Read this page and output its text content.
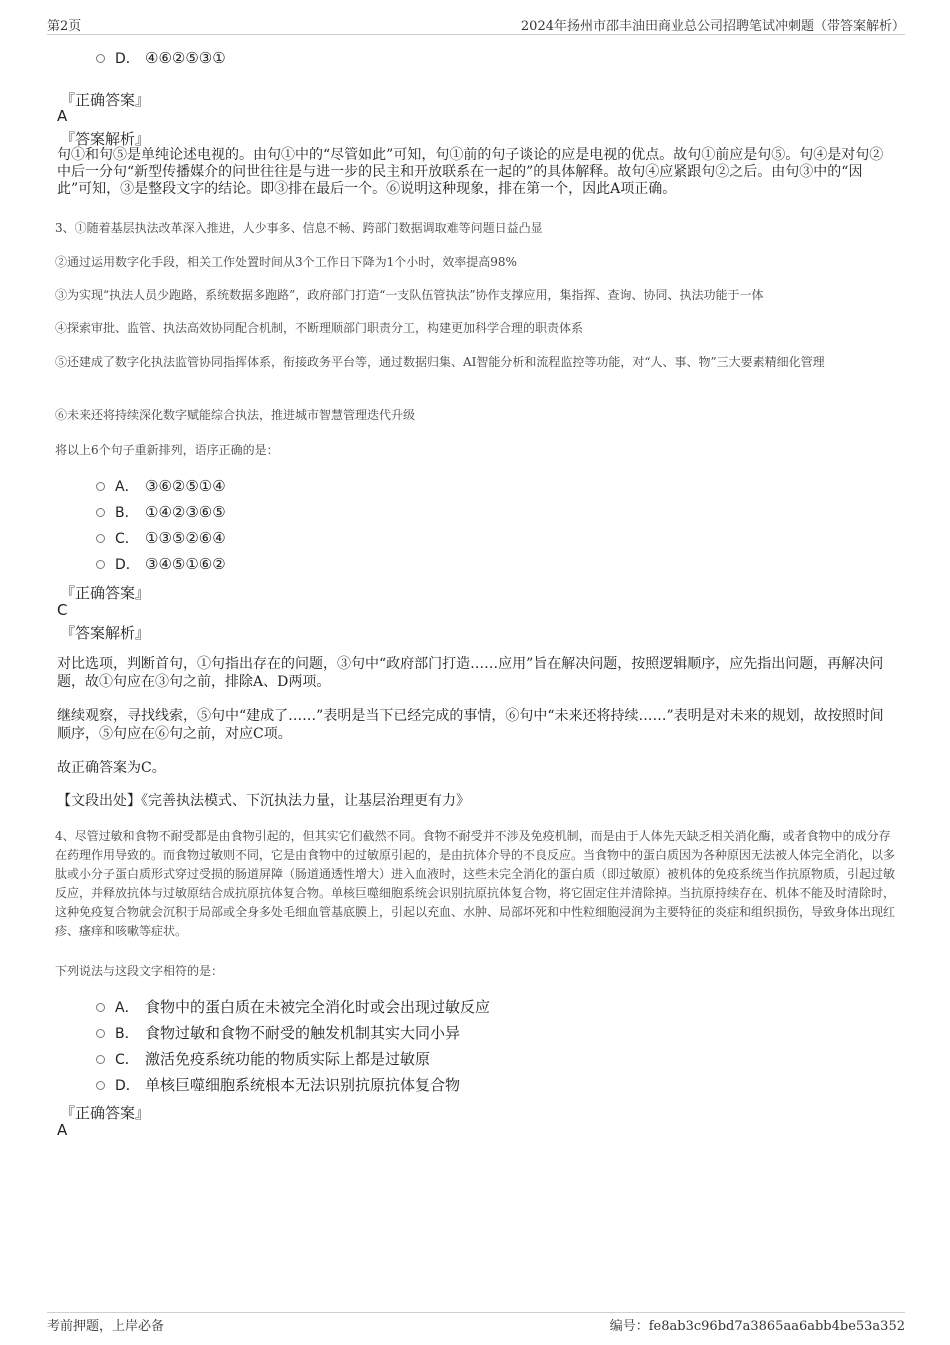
第2页	2024年扬州市邵丰油田商业总公司招聘笔试冲刺题（带答案解析）
D． ④⑥②⑤③①
『正确答案』
A
『答案解析』
句①和句⑤是单纯论述电视的。由句①中的“尽管如此”可知，句①前的句子谈论的应是电视的优点。故句①前应是句⑤。句④是对句②中后一分句“新型传播媒介的问世往往是与进一步的民主和开放联系在一起的”的具体解释。故句④应紧跟句②之后。由句③中的“因此”可知，③是整段文字的结论。即③排在最后一个。⑥说明这种现象，排在第一个，因此A项正确。
3、①随着基层执法改革深入推进，人少事多、信息不畅、跨部门数据调取难等问题日益凸显
②通过运用数字化手段，相关工作处置时间从3个工作日下降为1个小时，效率提高98%
③为实现“执法人员少跑路，系统数据多跑路”，政府部门打造“一支队伍管执法”协作支撑应用，集指挥、查询、协同、执法功能于一体
④探索审批、监管、执法高效协同配合机制，不断理顺部门职责分工，构建更加科学合理的职责体系
⑤还建成了数字化执法监管协同指挥体系，衔接政务平台等，通过数据归集、AI智能分析和流程监控等功能，对“人、事、物”三大要素精细化管理
⑥未来还将持续深化数字赋能综合执法，推进城市智慧管理迭代升级
将以上6个句子重新排列，语序正确的是：
A． ③⑥②⑤①④
B． ①④②③⑥⑤
C． ①③⑤②⑥④
D． ③④⑤①⑥②
『正确答案』
C
『答案解析』
对比选项，判断首句，①句指出存在的问题，③句中“政府部门打造……应用”旨在解决问题，按照逻辑顺序，应先指出问题，再解决问题，故①句应在③句之前，排除A、D两项。
继续观察，寻找线索，⑤句中“建成了……”表明是当下已经完成的事情，⑥句中“未来还将持续……”表明是对未来的规划，故按照时间顺序，⑤句应在⑥句之前，对应C项。
故正确答案为C。
【文段出处】《完善执法模式、下沉执法力量，让基层治理更有力》
4、尽管过敏和食物不耐受都是由食物引起的，但其实它们截然不同。食物不耐受并不涉及免疫机制，而是由于人体先天缺乏相关消化酶，或者食物中的成分存在药理作用导致的。而食物过敏则不同，它是由食物中的过敏原引起的，是由抗体介导的不良反应。当食物中的蛋白质因为各种原因无法被人体完全消化，以多肽或小分子蛋白质形式穿过受损的肠道屏障（肠道通透性增大）进入血液时，这些未完全消化的蛋白质（即过敏原）被机体的免疫系统当作抗原物质，引起过敏反应，并释放抗体与过敏原结合成抗原抗体复合物。单核巨噬细胞系统会识别抗原抗体复合物，将它固定住并清除掉。当抗原持续存在、机体不能及时清除时，这种免疫复合物就会沉积于局部或全身多处毛细血管基底膜上，引起以充血、水肿、局部坏死和中性粒细胞浸润为主要特征的炎症和组织损伤，导致身体出现红疹、瘙痒和咳嗽等症状。
下列说法与这段文字相符的是：
A． 食物中的蛋白质在未被完全消化时或会出现过敏反应
B． 食物过敏和食物不耐受的触发机制其实大同小异
C． 激活免疫系统功能的物质实际上都是过敏原
D． 单核巨噬细胞系统根本无法识别抗原抗体复合物
『正确答案』
A
考前押题，上岸必备	编号：fe8ab3c96bd7a3865aa6abb4be53a352
